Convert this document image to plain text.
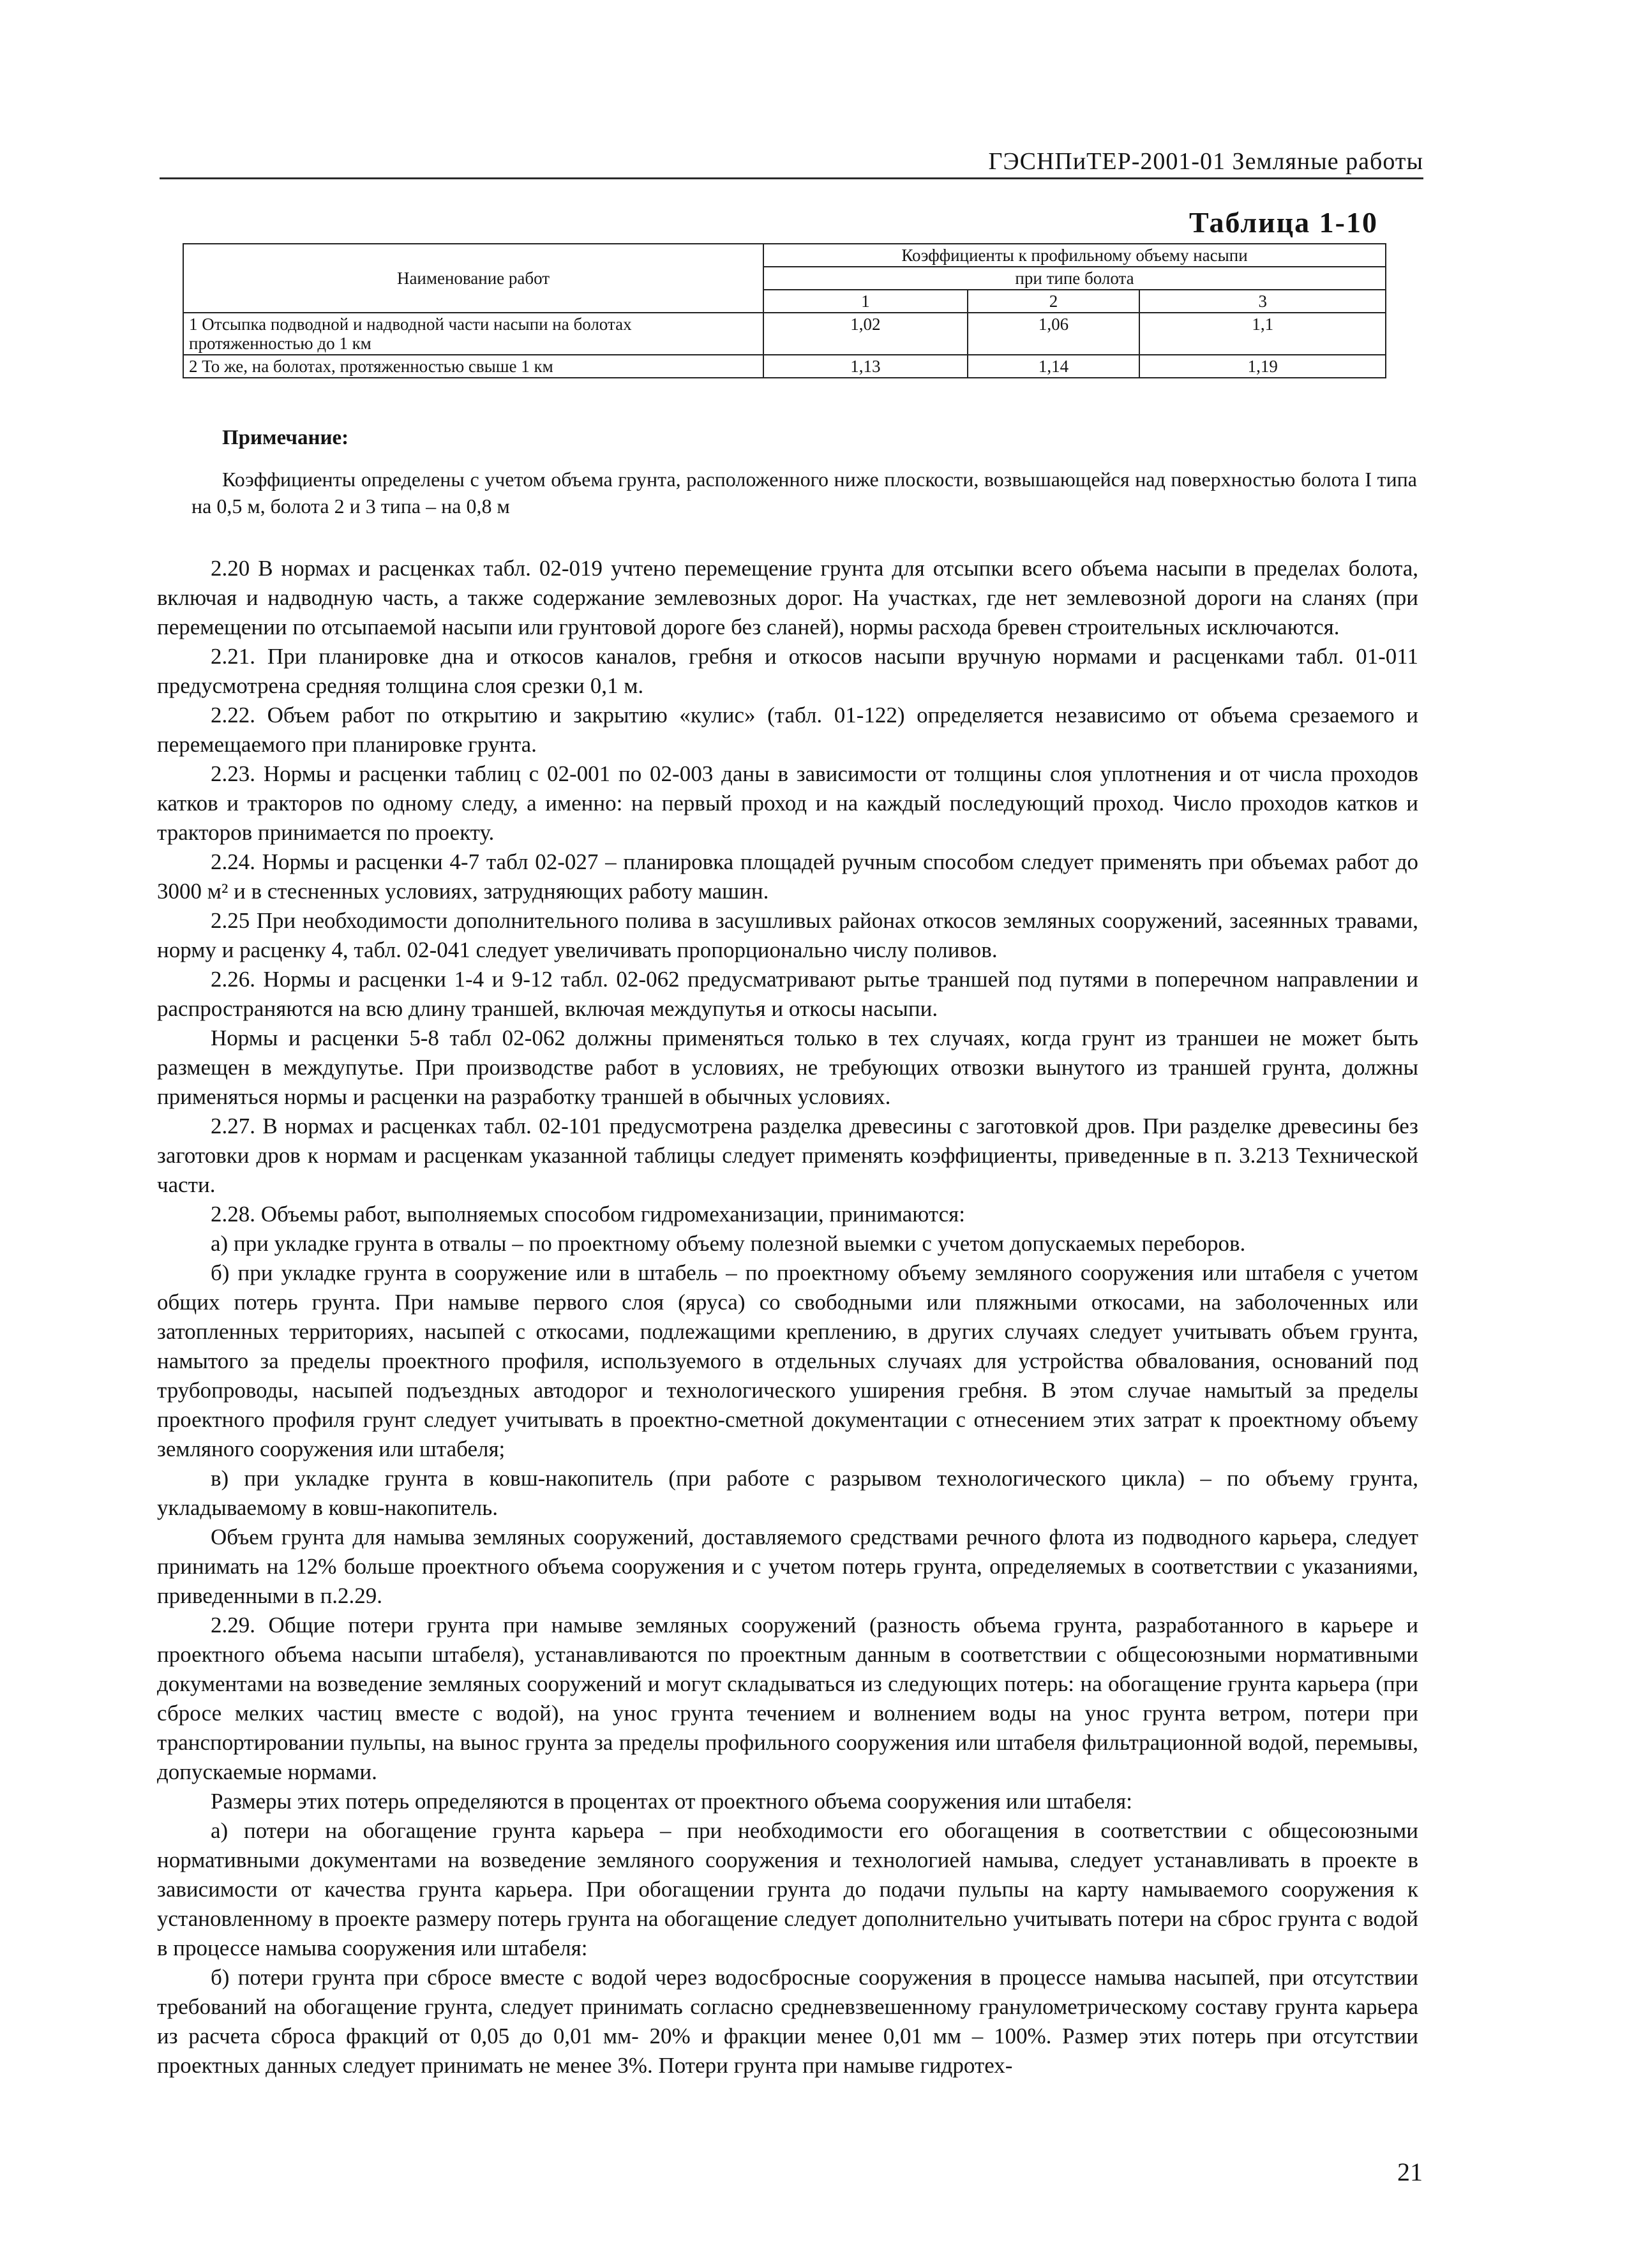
ГЭСНПиТЕР-2001-01 Земляные работы
Таблица 1-10
Наименование работ	Коэффициенты к профильному объему насыпи		
	при типе болота		
	1	2	3
1 Отсыпка подводной и надводной части насыпи на болотах протяженностью до 1 км	1,02	1,06	1,1
2 То же, на болотах, протяженностью свыше 1 км	1,13	1,14	1,19
Примечание:
Коэффициенты определены с учетом объема грунта, расположенного ниже плоскости, возвышающейся над поверхностью болота I типа на 0,5 м, болота 2 и 3 типа – на 0,8 м

2.20 В нормах и расценках табл. 02-019 учтено перемещение грунта для отсыпки всего объема насыпи в пределах болота, включая и надводную часть, а также содержание землевозных дорог. На участках, где нет землевозной дороги на сланях (при перемещении по отсыпаемой насыпи или грунтовой дороге без сланей), нормы расхода бревен строительных исключаются.

2.21. При планировке дна и откосов каналов, гребня и откосов насыпи вручную нормами и расценками табл. 01-011 предусмотрена средняя толщина слоя срезки 0,1 м.

2.22. Объем работ по открытию и закрытию «кулис» (табл. 01-122) определяется независимо от объема срезаемого и перемещаемого при планировке грунта.

2.23. Нормы и расценки таблиц с 02-001 по 02-003 даны в зависимости от толщины слоя уплотнения и от числа проходов катков и тракторов по одному следу, а именно: на первый проход и на каждый последующий проход. Число проходов катков и тракторов принимается по проекту.

2.24. Нормы и расценки 4-7 табл 02-027 – планировка площадей ручным способом следует применять при объемах работ до 3000 м² и в стесненных условиях, затрудняющих работу машин.

2.25 При необходимости дополнительного полива в засушливых районах откосов земляных сооружений, засеянных травами, норму и расценку 4, табл. 02-041 следует увеличивать пропорционально числу поливов.

2.26. Нормы и расценки 1-4 и 9-12 табл. 02-062 предусматривают рытье траншей под путями в поперечном направлении и распространяются на всю длину траншей, включая междупутья и откосы насыпи.

Нормы и расценки 5-8 табл 02-062 должны применяться только в тех случаях, когда грунт из траншеи не может быть размещен в междупутье. При производстве работ в условиях, не требующих отвозки вынутого из траншей грунта, должны применяться нормы и расценки на разработку траншей в обычных условиях.

2.27. В нормах и расценках табл. 02-101 предусмотрена разделка древесины с заготовкой дров. При разделке древесины без заготовки дров к нормам и расценкам указанной таблицы следует применять коэффициенты, приведенные в п. 3.213 Технической части.

2.28. Объемы работ, выполняемых способом гидромеханизации, принимаются:

а) при укладке грунта в отвалы – по проектному объему полезной выемки с учетом допускаемых переборов.

б) при укладке грунта в сооружение или в штабель – по проектному объему земляного сооружения или штабеля с учетом общих потерь грунта. При намыве первого слоя (яруса) со свободными или пляжными откосами, на заболоченных или затопленных территориях, насыпей с откосами, подлежащими креплению, в других случаях следует учитывать объем грунта, намытого за пределы проектного профиля, используемого в отдельных случаях для устройства обвалования, оснований под трубопроводы, насыпей подъездных автодорог и технологического уширения гребня. В этом случае намытый за пределы проектного профиля грунт следует учитывать в проектно-сметной документации с отнесением этих затрат к проектному объему земляного сооружения или штабеля;

в) при укладке грунта в ковш-накопитель (при работе с разрывом технологического цикла) – по объему грунта, укладываемому в ковш-накопитель.

Объем грунта для намыва земляных сооружений, доставляемого средствами речного флота из подводного карьера, следует принимать на 12% больше проектного объема сооружения и с учетом потерь грунта, определяемых в соответствии с указаниями, приведенными в п.2.29.

2.29. Общие потери грунта при намыве земляных сооружений (разность объема грунта, разработанного в карьере и проектного объема насыпи штабеля), устанавливаются по проектным данным в соответствии с общесоюзными нормативными документами на возведение земляных сооружений и могут складываться из следующих потерь: на обогащение грунта карьера (при сбросе мелких частиц вместе с водой), на унос грунта течением и волнением воды на унос грунта ветром, потери при транспортировании пульпы, на вынос грунта за пределы профильного сооружения или штабеля фильтрационной водой, перемывы, допускаемые нормами.

Размеры этих потерь определяются в процентах от проектного объема сооружения или штабеля:

а) потери на обогащение грунта карьера – при необходимости его обогащения в соответствии с общесоюзными нормативными документами на возведение земляного сооружения и технологией намыва, следует устанавливать в проекте в зависимости от качества грунта карьера. При обогащении грунта до подачи пульпы на карту намываемого сооружения к установленному в проекте размеру потерь грунта на обогащение следует дополнительно учитывать потери на сброс грунта с водой в процессе намыва сооружения или штабеля:

б) потери грунта при сбросе вместе с водой через водосбросные сооружения в процессе намыва насыпей, при отсутствии требований на обогащение грунта, следует принимать согласно средневзвешенному гранулометрическому составу грунта карьера из расчета сброса фракций от 0,05 до 0,01 мм- 20% и фракции менее 0,01 мм – 100%. Размер этих потерь при отсутствии проектных данных следует принимать не менее 3%. Потери грунта при намыве гидротех-

21
